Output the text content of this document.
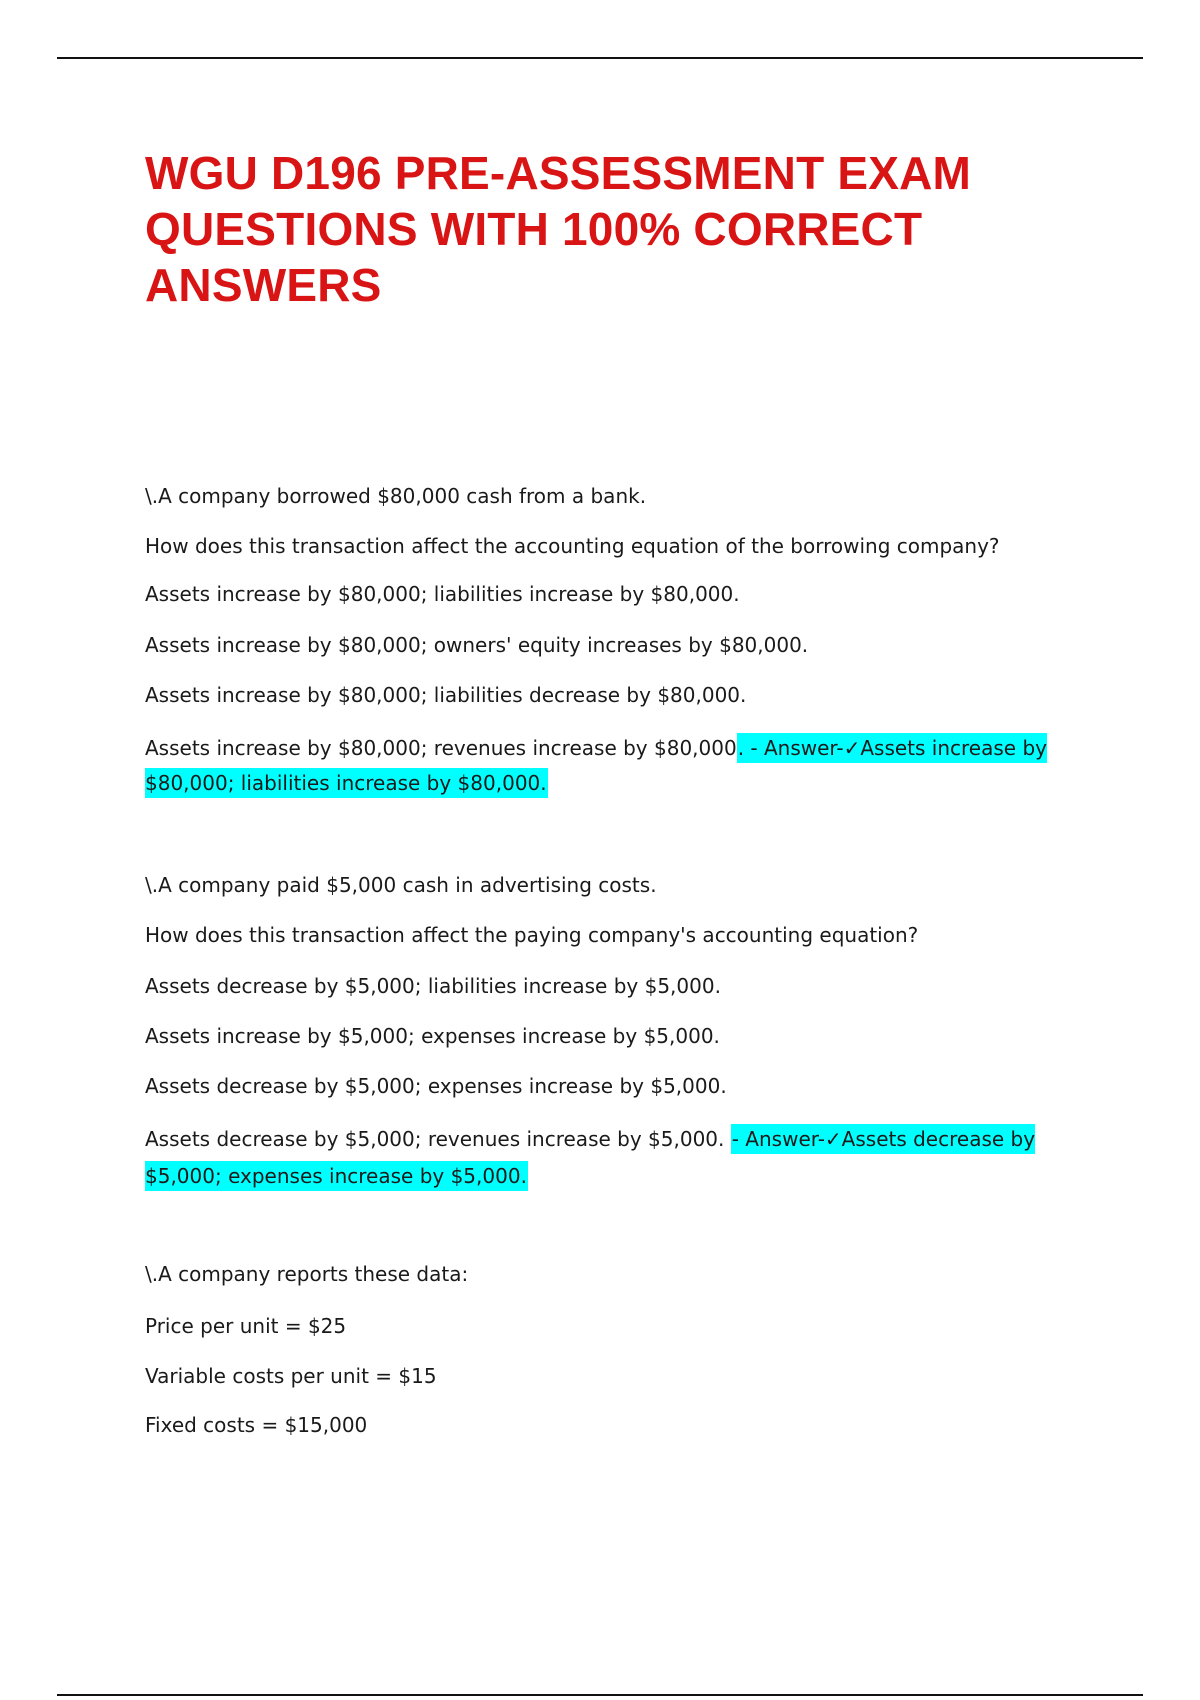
WGU D196 PRE-ASSESSMENT EXAM QUESTIONS WITH 100% CORRECT ANSWERS

\.A company borrowed $80,000 cash from a bank.

How does this transaction affect the accounting equation of the borrowing company?

Assets increase by $80,000; liabilities increase by $80,000.

Assets increase by $80,000; owners' equity increases by $80,000.

Assets increase by $80,000; liabilities decrease by $80,000.

Assets increase by $80,000; revenues increase by $80,000. - Answer-✓Assets increase by $80,000; liabilities increase by $80,000.

\.A company paid $5,000 cash in advertising costs.

How does this transaction affect the paying company's accounting equation?

Assets decrease by $5,000; liabilities increase by $5,000.

Assets increase by $5,000; expenses increase by $5,000.

Assets decrease by $5,000; expenses increase by $5,000.

Assets decrease by $5,000; revenues increase by $5,000. - Answer-✓Assets decrease by $5,000; expenses increase by $5,000.

\.A company reports these data:

Price per unit = $25

Variable costs per unit = $15

Fixed costs = $15,000
